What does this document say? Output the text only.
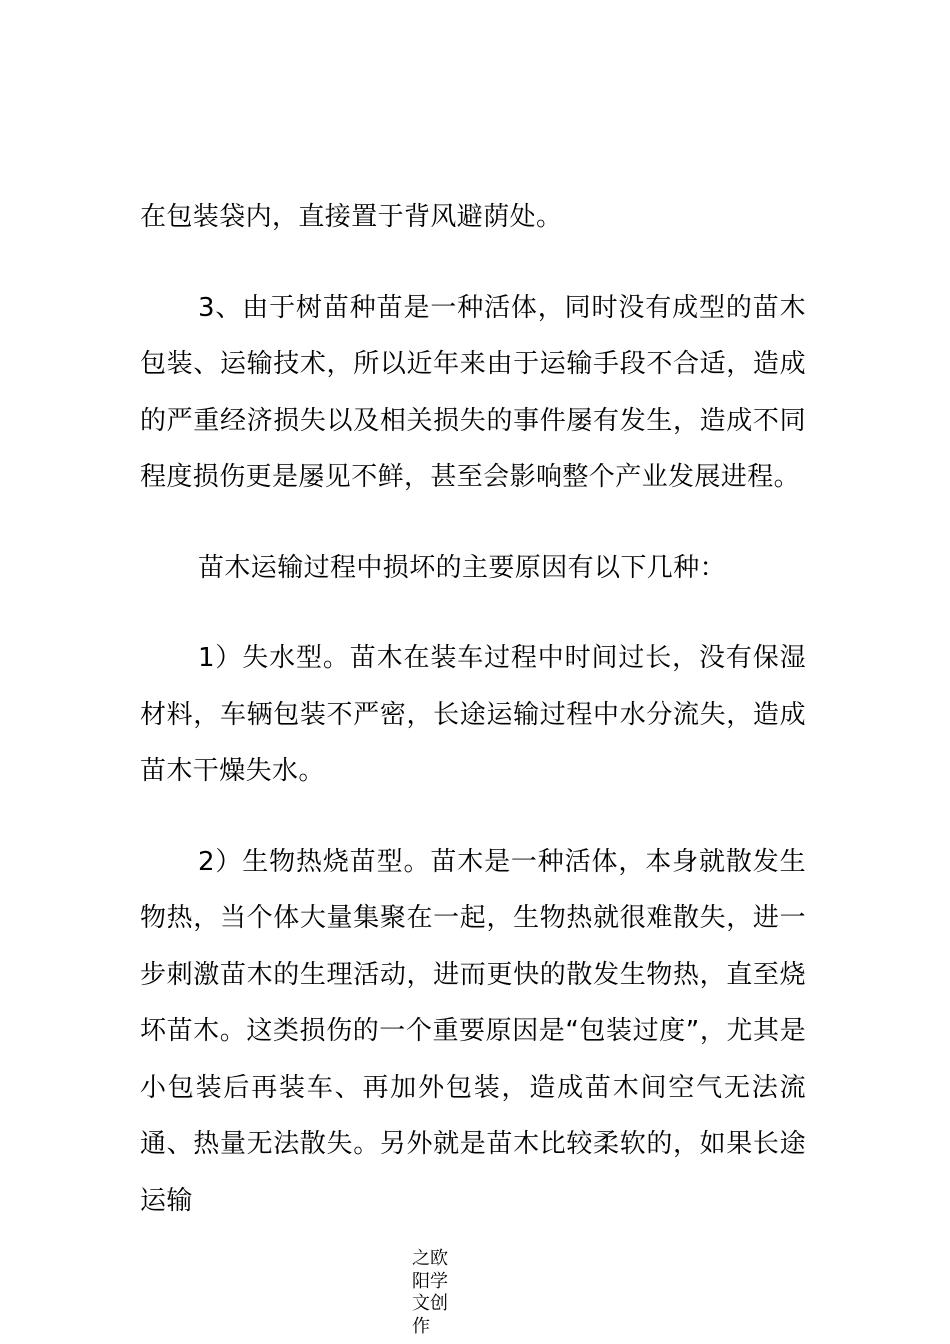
在包装袋内，直接置于背风避荫处。

3、由于树苗种苗是一种活体，同时没有成型的苗木包装、运输技术，所以近年来由于运输手段不合适，造成的严重经济损失以及相关损失的事件屡有发生，造成不同程度损伤更是屡见不鲜，甚至会影响整个产业发展进程。

苗木运输过程中损坏的主要原因有以下几种：

1）失水型。苗木在装车过程中时间过长，没有保湿材料，车辆包装不严密，长途运输过程中水分流失，造成苗木干燥失水。

2）生物热烧苗型。苗木是一种活体，本身就散发生物热，当个体大量集聚在一起，生物热就很难散失，进一步刺激苗木的生理活动，进而更快的散发生物热，直至烧坏苗木。这类损伤的一个重要原因是“包装过度”，尤其是小包装后再装车、再加外包装，造成苗木间空气无法流通、热量无法散失。另外就是苗木比较柔软的，如果长途运输

之欧阳学文创作
